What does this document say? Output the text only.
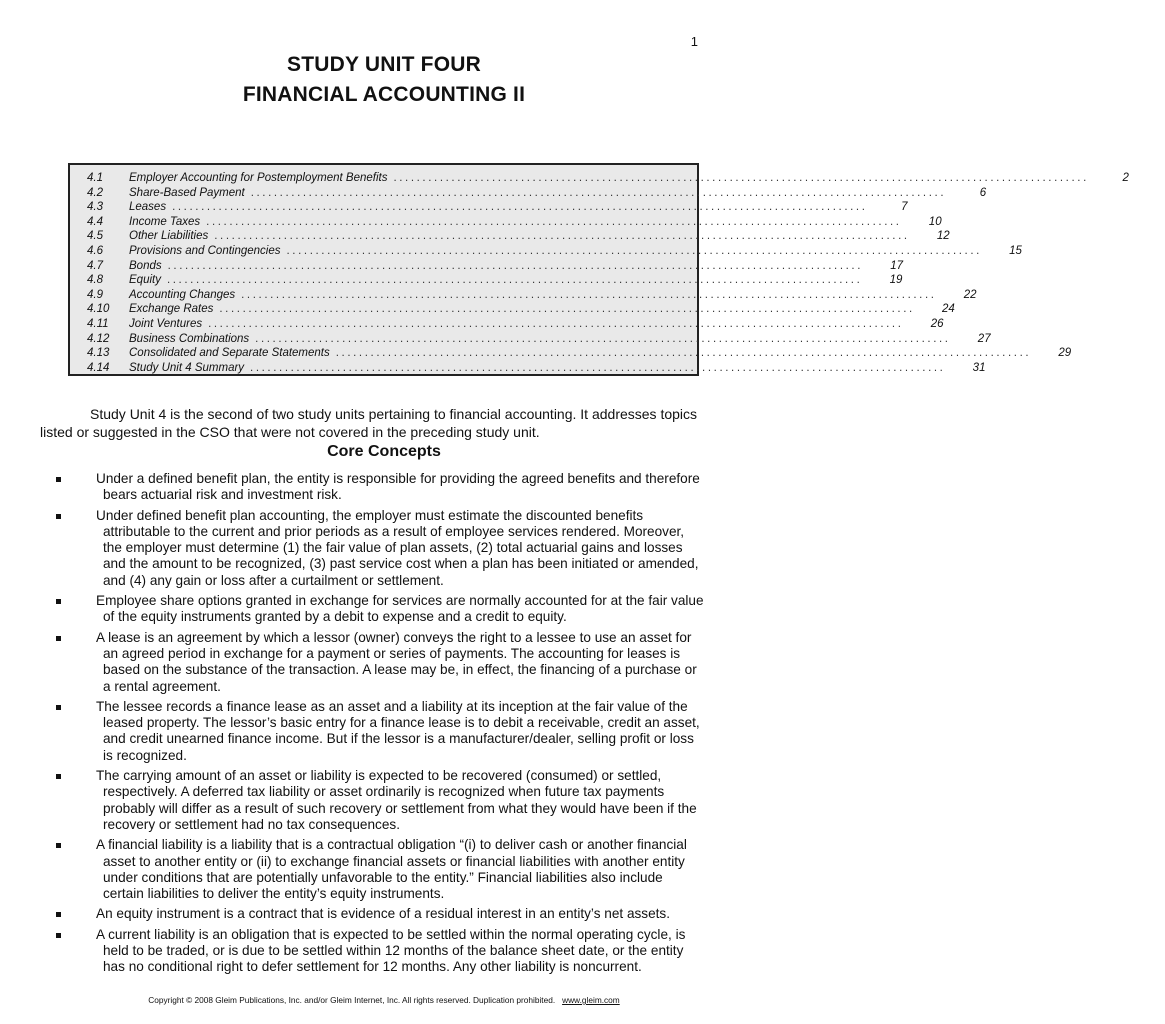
1
STUDY UNIT FOUR
FINANCIAL ACCOUNTING II
4.1	Employer Accounting for Postemployment Benefits ........................................................................................................................	2
4.2	Share-Based Payment ........................................................................................................................	6
4.3	Leases ........................................................................................................................	7
4.4	Income Taxes ........................................................................................................................	10
4.5	Other Liabilities ........................................................................................................................	12
4.6	Provisions and Contingencies ........................................................................................................................	15
4.7	Bonds ........................................................................................................................	17
4.8	Equity ........................................................................................................................	19
4.9	Accounting Changes ........................................................................................................................	22
4.10	Exchange Rates ........................................................................................................................	24
4.11	Joint Ventures ........................................................................................................................	26
4.12	Business Combinations ........................................................................................................................	27
4.13	Consolidated and Separate Statements ........................................................................................................................	29
4.14	Study Unit 4 Summary ........................................................................................................................	31

Study Unit 4 is the second of two study units pertaining to financial accounting. It addresses topics listed or suggested in the CSO that were not covered in the preceding study unit.

Core Concepts
Under a defined benefit plan, the entity is responsible for providing the agreed benefits and therefore bears actuarial risk and investment risk.
Under defined benefit plan accounting, the employer must estimate the discounted benefits attributable to the current and prior periods as a result of employee services rendered. Moreover, the employer must determine (1) the fair value of plan assets, (2) total actuarial gains and losses and the amount to be recognized, (3) past service cost when a plan has been initiated or amended, and (4) any gain or loss after a curtailment or settlement.
Employee share options granted in exchange for services are normally accounted for at the fair value of the equity instruments granted by a debit to expense and a credit to equity.
A lease is an agreement by which a lessor (owner) conveys the right to a lessee to use an asset for an agreed period in exchange for a payment or series of payments. The accounting for leases is based on the substance of the transaction. A lease may be, in effect, the financing of a purchase or a rental agreement.
The lessee records a finance lease as an asset and a liability at its inception at the fair value of the leased property. The lessor’s basic entry for a finance lease is to debit a receivable, credit an asset, and credit unearned finance income. But if the lessor is a manufacturer/dealer, selling profit or loss is recognized.
The carrying amount of an asset or liability is expected to be recovered (consumed) or settled, respectively. A deferred tax liability or asset ordinarily is recognized when future tax payments probably will differ as a result of such recovery or settlement from what they would have been if the recovery or settlement had no tax consequences.
A financial liability is a liability that is a contractual obligation “(i) to deliver cash or another financial asset to another entity or (ii) to exchange financial assets or financial liabilities with another entity under conditions that are potentially unfavorable to the entity.” Financial liabilities also include certain liabilities to deliver the entity’s equity instruments.
An equity instrument is a contract that is evidence of a residual interest in an entity’s net assets.
A current liability is an obligation that is expected to be settled within the normal operating cycle, is held to be traded, or is due to be settled within 12 months of the balance sheet date, or the entity has no conditional right to defer settlement for 12 months. Any other liability is noncurrent.
Copyright © 2008 Gleim Publications, Inc. and/or Gleim Internet, Inc. All rights reserved. Duplication prohibited. www.gleim.com
